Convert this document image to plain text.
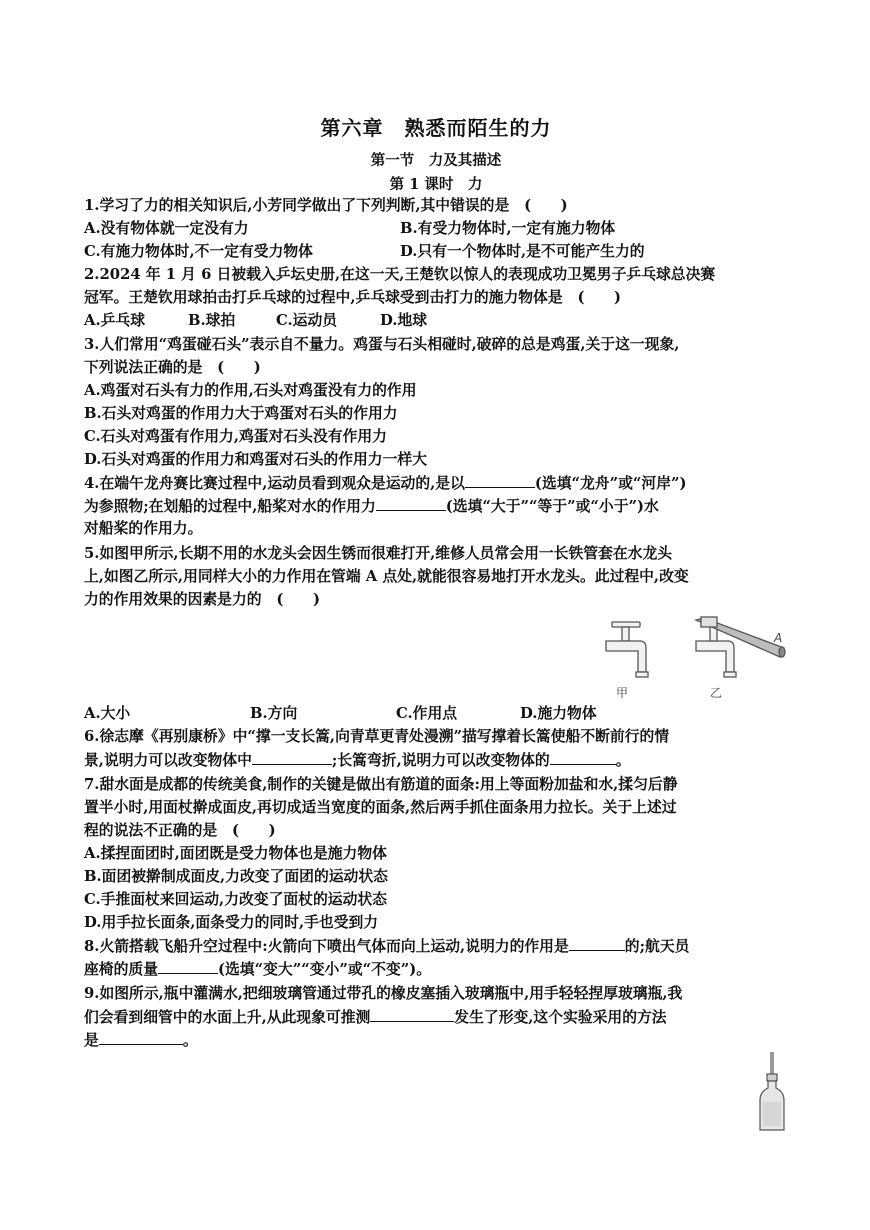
第六章　熟悉而陌生的力
第一节　力及其描述
第 1 课时　力
1.学习了力的相关知识后,小芳同学做出了下列判断,其中错误的是　(　　)
A.没有物体就一定没有力	B.有受力物体时,一定有施力物体
C.有施力物体时,不一定有受力物体	D.只有一个物体时,是不可能产生力的
2.2024 年 1 月 6 日被载入乒坛史册,在这一天,王楚钦以惊人的表现成功卫冕男子乒乓球总决赛
冠军。王楚钦用球拍击打乒乓球的过程中,乒乓球受到击打力的施力物体是　(　　)
A.乒乓球	B.球拍	C.运动员	D.地球
3.人们常用“鸡蛋碰石头”表示自不量力。鸡蛋与石头相碰时,破碎的总是鸡蛋,关于这一现象,
下列说法正确的是　(　　)
A.鸡蛋对石头有力的作用,石头对鸡蛋没有力的作用
B.石头对鸡蛋的作用力大于鸡蛋对石头的作用力
C.石头对鸡蛋有作用力,鸡蛋对石头没有作用力
D.石头对鸡蛋的作用力和鸡蛋对石头的作用力一样大
4.在端午龙舟赛比赛过程中,运动员看到观众是运动的,是以	(选填“龙舟”或“河岸”)
为参照物;在划船的过程中,船桨对水的作用力	(选填“大于”“等于”或“小于”)水
对船桨的作用力。
5.如图甲所示,长期不用的水龙头会因生锈而很难打开,维修人员常会用一长铁管套在水龙头
上,如图乙所示,用同样大小的力作用在管端 A 点处,就能很容易地打开水龙头。此过程中,改变
力的作用效果的因素是力的　(　　)
甲
A
乙
A.大小	B.方向	C.作用点	D.施力物体
6.徐志摩《再别康桥》中“撑一支长篙,向青草更青处漫溯”描写撑着长篙使船不断前行的情
景,说明力可以改变物体中	;长篙弯折,说明力可以改变物体的	。
7.甜水面是成都的传统美食,制作的关键是做出有筋道的面条:用上等面粉加盐和水,揉匀后静
置半小时,用面杖擀成面皮,再切成适当宽度的面条,然后两手抓住面条用力拉长。关于上述过
程的说法不正确的是　(　　)
A.揉捏面团时,面团既是受力物体也是施力物体
B.面团被擀制成面皮,力改变了面团的运动状态
C.手推面杖来回运动,力改变了面杖的运动状态
D.用手拉长面条,面条受力的同时,手也受到力
8.火箭搭载飞船升空过程中:火箭向下喷出气体而向上运动,说明力的作用是	的;航天员
座椅的质量	(选填“变大”“变小”或“不变”)。
9.如图所示,瓶中灌满水,把细玻璃管通过带孔的橡皮塞插入玻璃瓶中,用手轻轻捏厚玻璃瓶,我
们会看到细管中的水面上升,从此现象可推测	发生了形变,这个实验采用的方法
是	。
